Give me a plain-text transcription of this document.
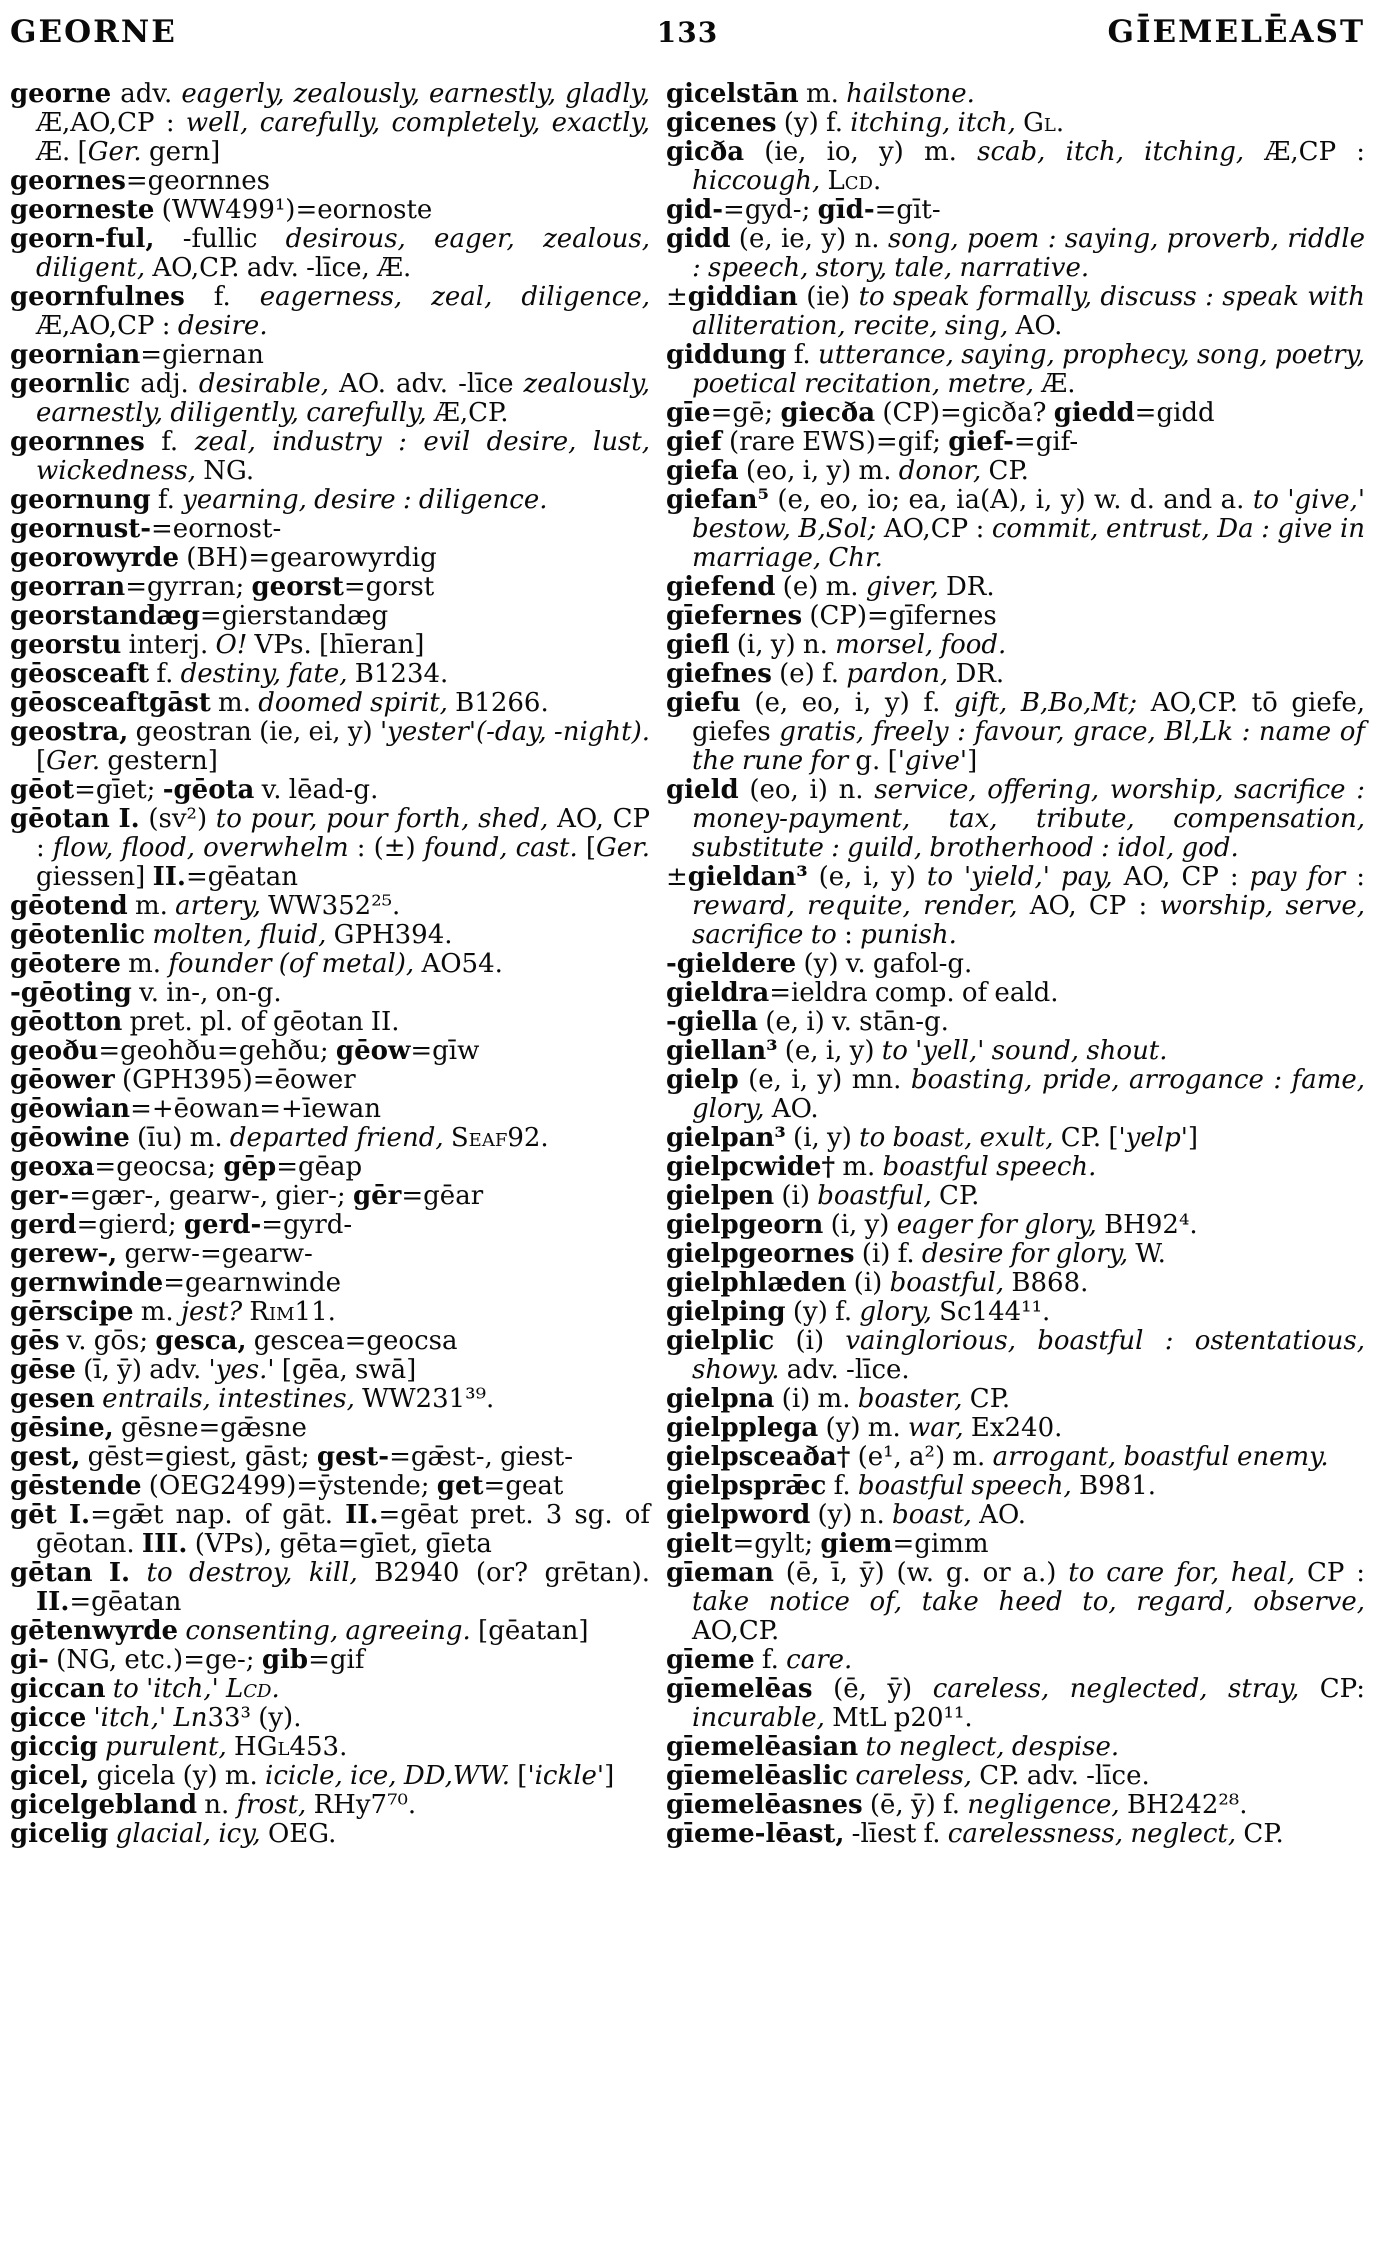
GEORNE	133	GĪEMELĒAST

georne adv. eagerly, zealously, earnestly, gladly, Æ,AO,CP : well, carefully, completely, exactly, Æ. [Ger. gern]

geornes=geornnes

georneste (WW499¹)=eornoste

georn-ful, -fullic desirous, eager, zealous, diligent, AO,CP. adv. -līce, Æ.

geornfulnes f. eagerness, zeal, diligence, Æ,AO,CP : desire.

geornian=giernan

geornlic adj. desirable, AO. adv. -līce zealously, earnestly, diligently, carefully, Æ,CP.

geornnes f. zeal, industry : evil desire, lust, wickedness, NG.

geornung f. yearning, desire : diligence.

geornust-=eornost-

georowyrde (BH)=gearowyrdig

georran=gyrran; georst=gorst

georstandæg=gierstandæg

georstu interj. O! VPs. [hīeran]

gēosceaft f. destiny, fate, B1234.

gēosceaftgāst m. doomed spirit, B1266.

geostra, geostran (ie, ei, y) 'yester'(-day, -night). [Ger. gestern]

gēot=gīet; -gēota v. lēad-g.

gēotan I. (sv²) to pour, pour forth, shed, AO, CP : flow, flood, overwhelm : (±) found, cast. [Ger. giessen] II.=gēatan

gēotend m. artery, WW352²⁵.

gēotenlic molten, fluid, GPH394.

gēotere m. founder (of metal), AO54.

-gēoting v. in-, on-g.

gēotton pret. pl. of gēotan II.

geoðu=geohðu=gehðu; gēow=gīw

gēower (GPH395)=ēower

gēowian=+ēowan=+īewan

gēowine (īu) m. departed friend, Seaf92.

geoxa=geocsa; gēp=gēap

ger-=gær-, gearw-, gier-; gēr=gēar

gerd=gierd; gerd-=gyrd-

gerew-, gerw-=gearw-

gernwinde=gearnwinde

gērscipe m. jest? Rim11.

gēs v. gōs; gesca, gescea=geocsa

gēse (ī, ȳ) adv. 'yes.' [gēa, swā]

gesen entrails, intestines, WW231³⁹.

gēsine, gēsne=gǣsne

gest, gēst=giest, gāst; gest-=gǣst-, giest-

gēstende (OEG2499)=ȳstende; get=geat

gēt I.=gǣt nap. of gāt. II.=gēat pret. 3 sg. of gēotan. III. (VPs), gēta=gīet, gīeta

gētan I. to destroy, kill, B2940 (or? grētan). II.=gēatan

gētenwyrde consenting, agreeing. [gēatan]

gi- (NG, etc.)=ge-; gib=gif

giccan to 'itch,' Lcd.

gicce 'itch,' Ln33³ (y).

giccig purulent, HGl453.

gicel, gicela (y) m. icicle, ice, DD,WW. ['ickle']

gicelgebland n. frost, RHy7⁷⁰.

gicelig glacial, icy, OEG.

gicelstān m. hailstone.

gicenes (y) f. itching, itch, Gl.

gicða (ie, io, y) m. scab, itch, itching, Æ,CP : hiccough, Lcd.

gid-=gyd-; gīd-=gīt-

gidd (e, ie, y) n. song, poem : saying, proverb, riddle : speech, story, tale, narrative.

±giddian (ie) to speak formally, discuss : speak with alliteration, recite, sing, AO.

giddung f. utterance, saying, prophecy, song, poetry, poetical recitation, metre, Æ.

gīe=gē; giecða (CP)=gicða? giedd=gidd

gief (rare EWS)=gif; gief-=gif-

giefa (eo, i, y) m. donor, CP.

giefan⁵ (e, eo, io; ea, ia(A), i, y) w. d. and a. to 'give,' bestow, B,Sol; AO,CP : commit, entrust, Da : give in marriage, Chr.

giefend (e) m. giver, DR.

gīefernes (CP)=gīfernes

giefl (i, y) n. morsel, food.

giefnes (e) f. pardon, DR.

giefu (e, eo, i, y) f. gift, B,Bo,Mt; AO,CP. tō giefe, giefes gratis, freely : favour, grace, Bl,Lk : name of the rune for g. ['give']

gield (eo, i) n. service, offering, worship, sacrifice : money-payment, tax, tribute, compensation, substitute : guild, brotherhood : idol, god.

±gieldan³ (e, i, y) to 'yield,' pay, AO, CP : pay for : reward, requite, render, AO, CP : worship, serve, sacrifice to : punish.

-gieldere (y) v. gafol-g.

gieldra=ieldra comp. of eald.

-giella (e, i) v. stān-g.

giellan³ (e, i, y) to 'yell,' sound, shout.

gielp (e, i, y) mn. boasting, pride, arrogance : fame, glory, AO.

gielpan³ (i, y) to boast, exult, CP. ['yelp']

gielpcwide† m. boastful speech.

gielpen (i) boastful, CP.

gielpgeorn (i, y) eager for glory, BH92⁴.

gielpgeornes (i) f. desire for glory, W.

gielphlæden (i) boastful, B868.

gielping (y) f. glory, Sc144¹¹.

gielplic (i) vainglorious, boastful : ostentatious, showy. adv. -līce.

gielpna (i) m. boaster, CP.

gielpplega (y) m. war, Ex240.

gielpsceaða† (e¹, a²) m. arrogant, boastful enemy.

gielpsprǣc f. boastful speech, B981.

gielpword (y) n. boast, AO.

gielt=gylt; giem=gimm

gīeman (ē, ī, ȳ) (w. g. or a.) to care for, heal, CP : take notice of, take heed to, regard, observe, AO,CP.

gīeme f. care.

gīemelēas (ē, ȳ) careless, neglected, stray, CP: incurable, MtL p20¹¹.

gīemelēasian to neglect, despise.

gīemelēaslic careless, CP. adv. -līce.

gīemelēasnes (ē, ȳ) f. negligence, BH242²⁸.

gīeme-lēast, -līest f. carelessness, neglect, CP.
